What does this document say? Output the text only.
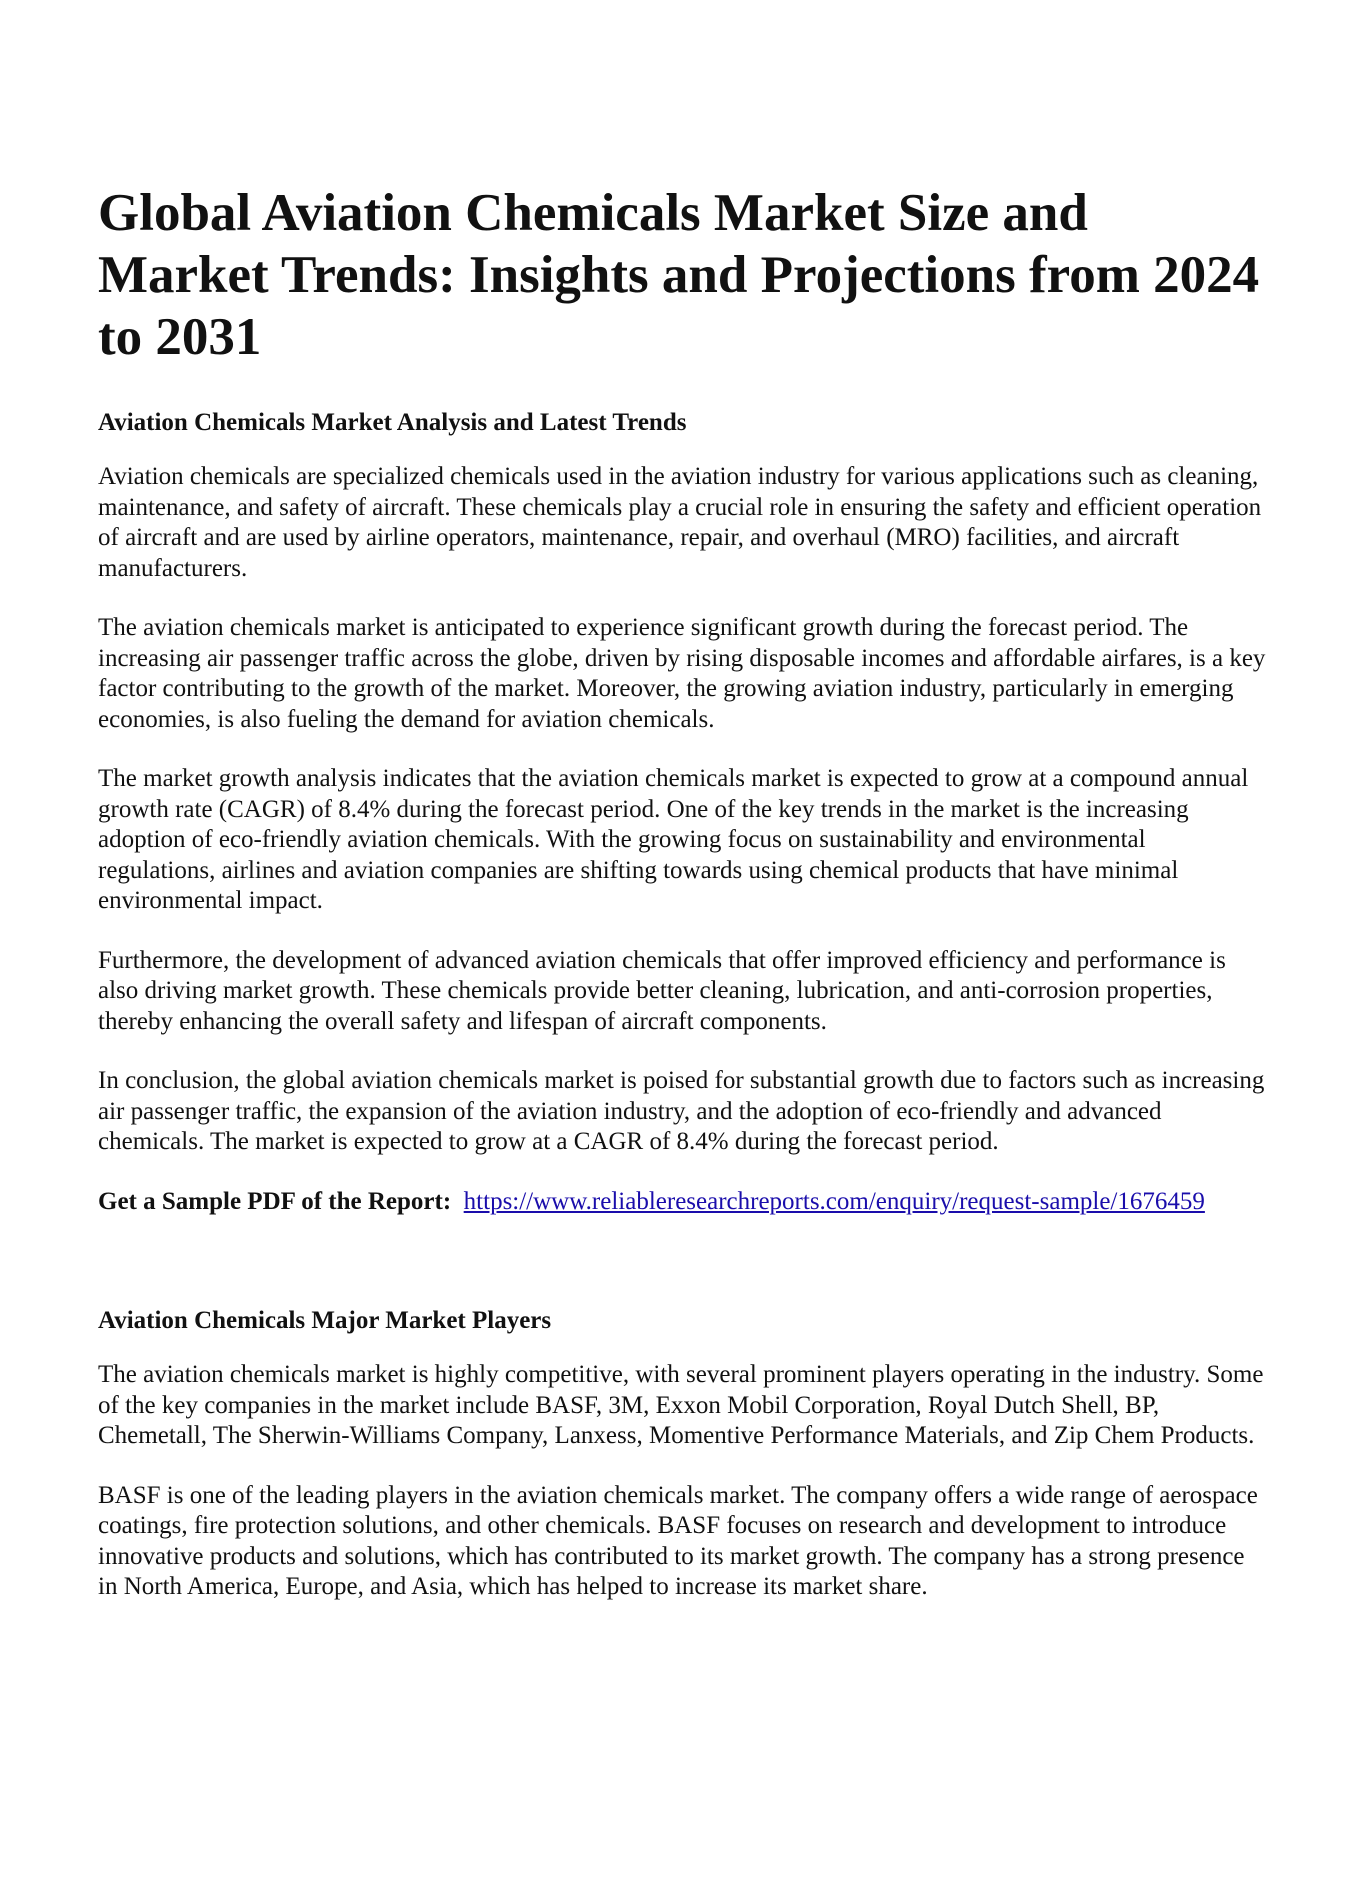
Global Aviation Chemicals Market Size and Market Trends: Insights and Projections from 2024 to 2031
Aviation Chemicals Market Analysis and Latest Trends

Aviation chemicals are specialized chemicals used in the aviation industry for various applications such as cleaning, maintenance, and safety of aircraft. These chemicals play a crucial role in ensuring the safety and efficient operation of aircraft and are used by airline operators, maintenance, repair, and overhaul (MRO) facilities, and aircraft manufacturers.

The aviation chemicals market is anticipated to experience significant growth during the forecast period. The increasing air passenger traffic across the globe, driven by rising disposable incomes and affordable airfares, is a key factor contributing to the growth of the market. Moreover, the growing aviation industry, particularly in emerging economies, is also fueling the demand for aviation chemicals.

The market growth analysis indicates that the aviation chemicals market is expected to grow at a compound annual growth rate (CAGR) of 8.4% during the forecast period. One of the key trends in the market is the increasing adoption of eco-friendly aviation chemicals. With the growing focus on sustainability and environmental regulations, airlines and aviation companies are shifting towards using chemical products that have minimal environmental impact.

Furthermore, the development of advanced aviation chemicals that offer improved efficiency and performance is also driving market growth. These chemicals provide better cleaning, lubrication, and anti-corrosion properties, thereby enhancing the overall safety and lifespan of aircraft components.

In conclusion, the global aviation chemicals market is poised for substantial growth due to factors such as increasing air passenger traffic, the expansion of the aviation industry, and the adoption of eco-friendly and advanced chemicals. The market is expected to grow at a CAGR of 8.4% during the forecast period.

Get a Sample PDF of the Report: https://www.reliableresearchreports.com/enquiry/request-sample/1676459

Aviation Chemicals Major Market Players

The aviation chemicals market is highly competitive, with several prominent players operating in the industry. Some of the key companies in the market include BASF, 3M, Exxon Mobil Corporation, Royal Dutch Shell, BP, Chemetall, The Sherwin-Williams Company, Lanxess, Momentive Performance Materials, and Zip Chem Products.

BASF is one of the leading players in the aviation chemicals market. The company offers a wide range of aerospace coatings, fire protection solutions, and other chemicals. BASF focuses on research and development to introduce innovative products and solutions, which has contributed to its market growth. The company has a strong presence in North America, Europe, and Asia, which has helped to increase its market share.
